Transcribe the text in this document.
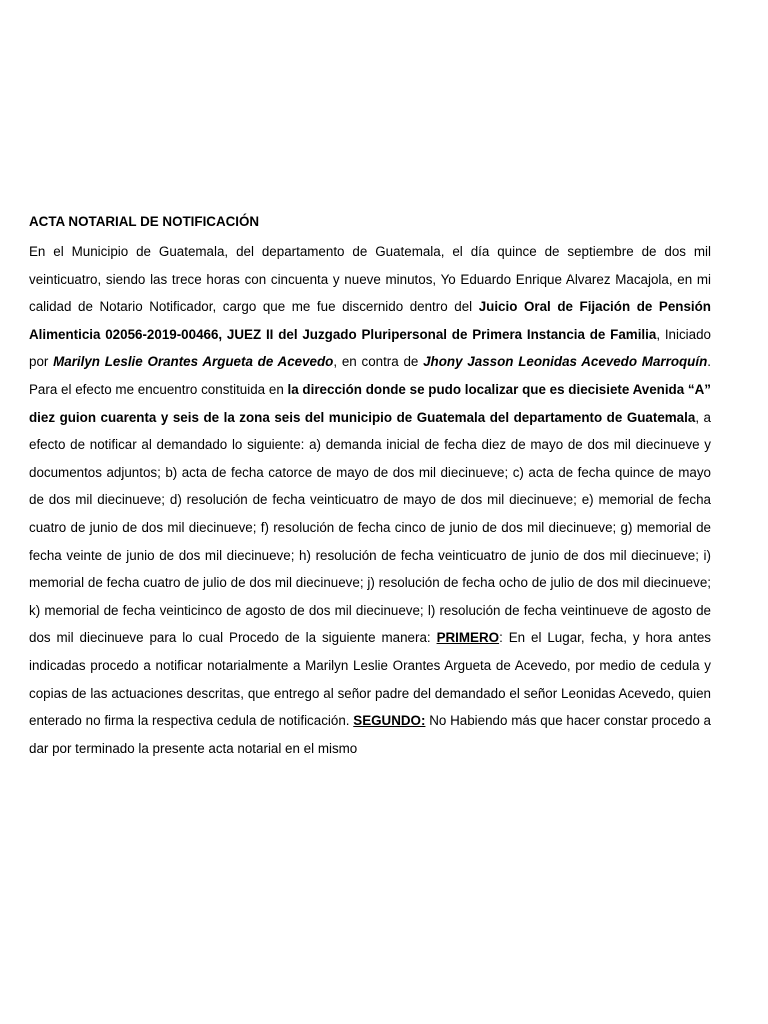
ACTA NOTARIAL DE NOTIFICACIÓN

En el Municipio de Guatemala, del departamento de Guatemala, el día quince de septiembre de dos mil veinticuatro, siendo las trece horas con cincuenta y nueve minutos, Yo Eduardo Enrique Alvarez Macajola, en mi calidad de Notario Notificador, cargo que me fue discernido dentro del Juicio Oral de Fijación de Pensión Alimenticia 02056-2019-00466, JUEZ II del Juzgado Pluripersonal de Primera Instancia de Familia, Iniciado por Marilyn Leslie Orantes Argueta de Acevedo, en contra de Jhony Jasson Leonidas Acevedo Marroquín. Para el efecto me encuentro constituida en la dirección donde se pudo localizar que es diecisiete Avenida “A” diez guion cuarenta y seis de la zona seis del municipio de Guatemala del departamento de Guatemala, a efecto de notificar al demandado lo siguiente: a) demanda inicial de fecha diez de mayo de dos mil diecinueve y documentos adjuntos; b) acta de fecha catorce de mayo de dos mil diecinueve; c) acta de fecha quince de mayo de dos mil diecinueve; d) resolución de fecha veinticuatro de mayo de dos mil diecinueve; e) memorial de fecha cuatro de junio de dos mil diecinueve; f) resolución de fecha cinco de junio de dos mil diecinueve; g) memorial de fecha veinte de junio de dos mil diecinueve; h) resolución de fecha veinticuatro de junio de dos mil diecinueve; i) memorial de fecha cuatro de julio de dos mil diecinueve; j) resolución de fecha ocho de julio de dos mil diecinueve; k) memorial de fecha veinticinco de agosto de dos mil diecinueve; l) resolución de fecha veintinueve de agosto de dos mil diecinueve para lo cual Procedo de la siguiente manera: PRIMERO: En el Lugar, fecha, y hora antes indicadas procedo a notificar notarialmente a Marilyn Leslie Orantes Argueta de Acevedo, por medio de cedula y copias de las actuaciones descritas, que entrego al señor padre del demandado el señor Leonidas Acevedo, quien enterado no firma la respectiva cedula de notificación. SEGUNDO: No Habiendo más que hacer constar procedo a dar por terminado la presente acta notarial en el mismo
